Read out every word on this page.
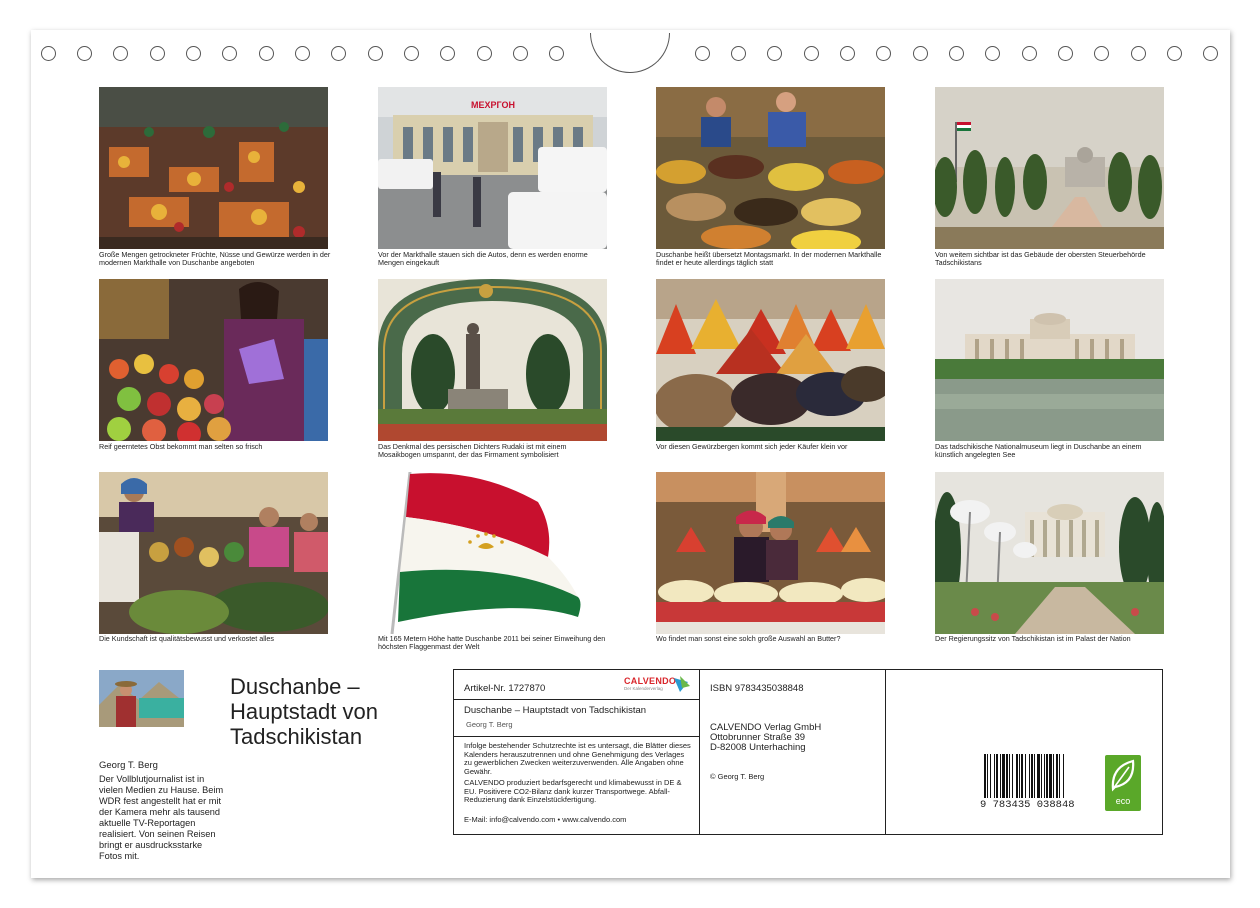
Große Mengen getrockneter Früchte, Nüsse und Gewürze werden in der modernen Markthalle von Duschanbe angeboten
МЕХРГОН
Vor der Markthalle stauen sich die Autos, denn es werden enorme Mengen eingekauft
Duschanbe heißt übersetzt Montagsmarkt. In der modernen Markthalle findet er heute allerdings täglich statt
Von weitem sichtbar ist das Gebäude der obersten Steuerbehörde Tadschikistans
Reif geerntetes Obst bekommt man selten so frisch	Das Denkmal des persischen Dichters Rudaki ist mit einem Mosaikbogen umspannt, der das Firmament symbolisiert
Vor diesen Gewürzbergen kommt sich jeder Käufer klein vor	Das tadschikische Nationalmuseum liegt in Duschanbe an einem künstlich angelegten See
Die Kundschaft ist qualitätsbewusst und verkostet alles	Mit 165 Metern Höhe hatte Duschanbe 2011 bei seiner Einweihung den höchsten Flaggenmast der Welt
Wo findet man sonst eine solch große Auswahl an Butter?	Der Regierungssitz von Tadschikistan ist im Palast der Nation
Georg T. Berg
Der Vollblutjournalist ist in vielen Medien zu Hause. Beim WDR fest angestellt hat er mit der Kamera mehr als tausend aktuelle TV-Reportagen realisiert. Von seinen Reisen bringt er ausdrucksstarke Fotos mit.
Duschanbe – Hauptstadt von Tadschikistan
Artikel-Nr. 1727870
CALVENDO
Der Kalenderverlag
Duschanbe – Hauptstadt von Tadschikistan
Georg T. Berg
Infolge bestehender Schutzrechte ist es untersagt, die Blätter dieses Kalenders herauszutrennen und ohne Genehmigung des Verlages zu gewerblichen Zwecken weiterzuverwenden. Alle Angaben ohne Gewähr.
CALVENDO produziert bedarfsgerecht und klimabewusst in DE & EU. Positivere CO2-Bilanz dank kurzer Transportwege. Abfall-Reduzierung dank Einzelstückfertigung.
E-Mail: info@calvendo.com • www.calvendo.com
ISBN 9783435038848
CALVENDO Verlag GmbH
Ottobrunner Straße 39
D-82008 Unterhaching
© Georg T. Berg
9 783435 038848	eco
